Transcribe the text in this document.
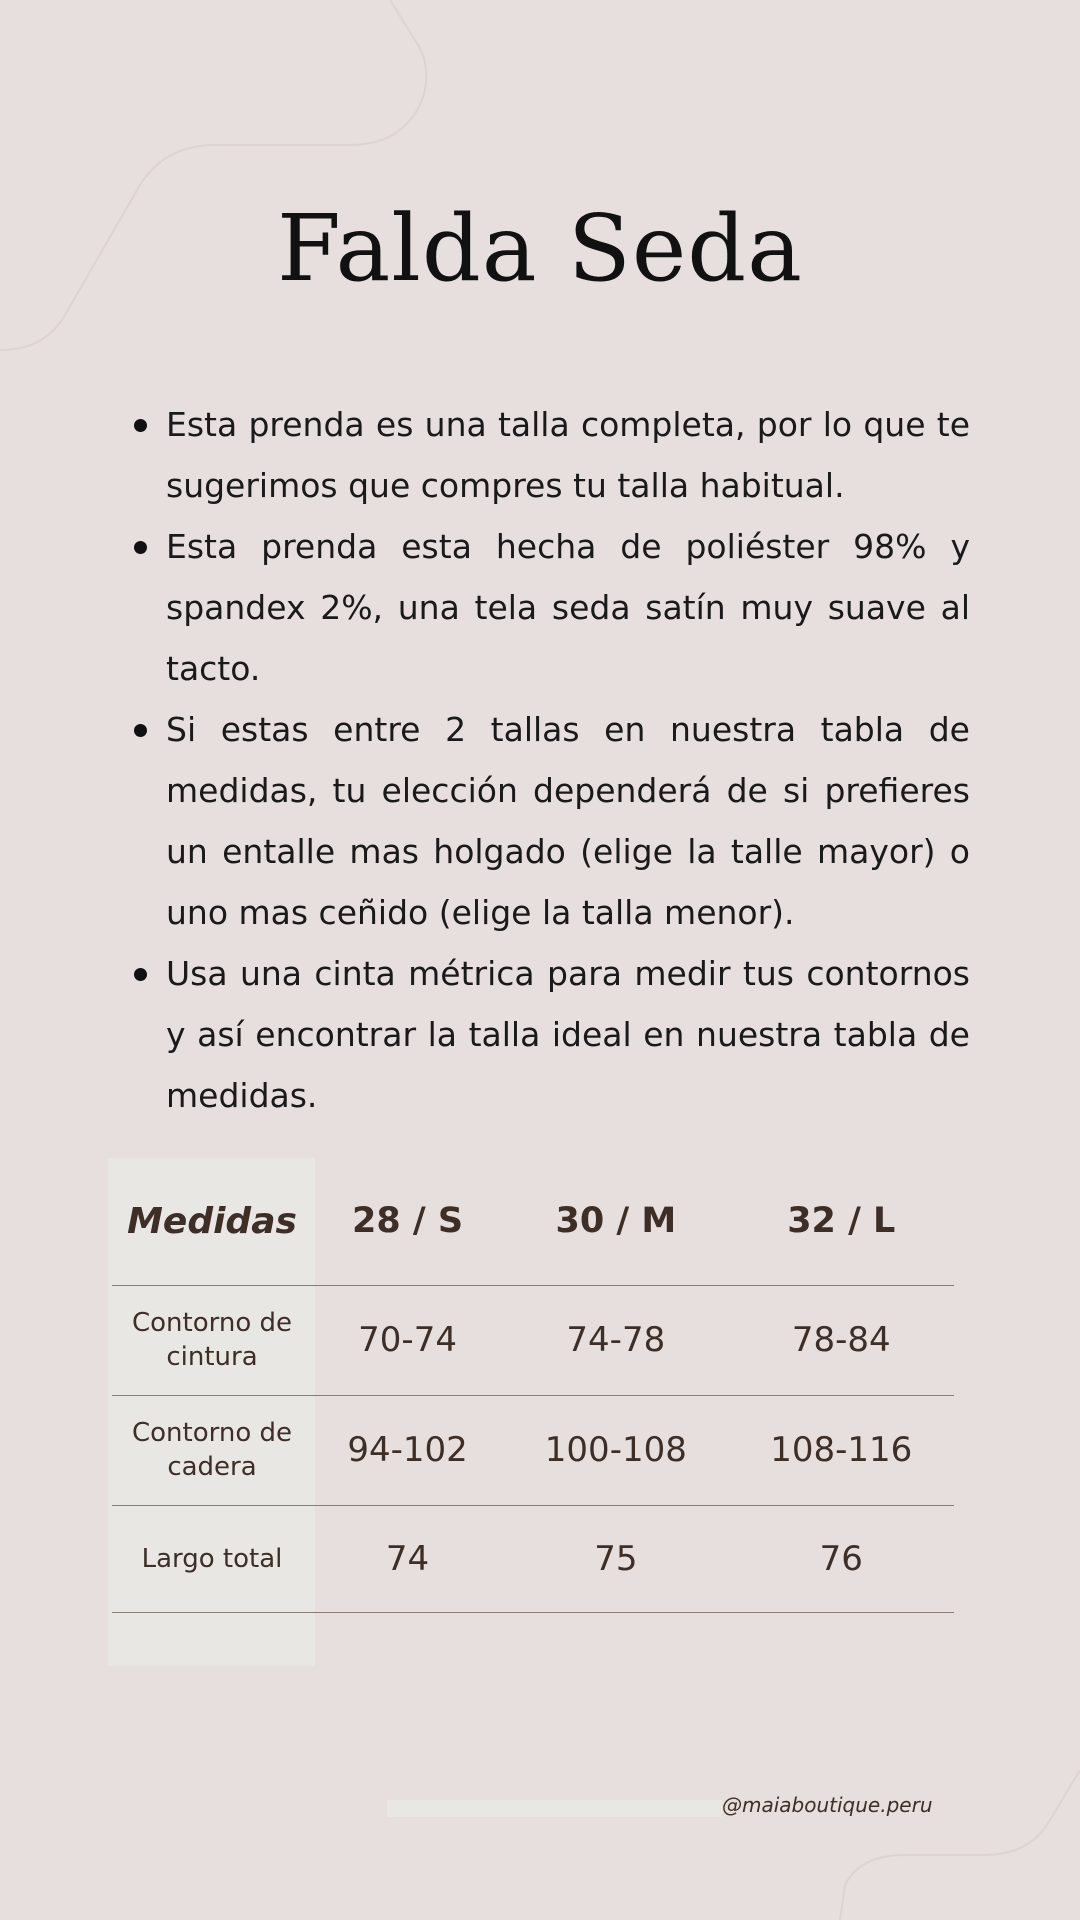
Falda Seda
Esta prenda es una talla completa, por lo que te sugerimos que compres tu talla habitual.
Esta prenda esta hecha de poliéster 98% y spandex 2%, una tela seda satín muy suave al tacto.
Si estas entre 2 tallas en nuestra tabla de medidas, tu elección dependerá de si prefieres un entalle mas holgado (elige la talle mayor) o uno mas ceñido (elige la talla menor).
Usa una cinta métrica para medir tus contornos y así encontrar la talla ideal en nuestra tabla de medidas.
Medidas	28 / S	30 / M	32 / L
Contorno de cintura	70-74	74-78	78-84
Contorno de cadera	94-102	100-108	108-116
Largo total	74	75	76
@maiaboutique.peru
